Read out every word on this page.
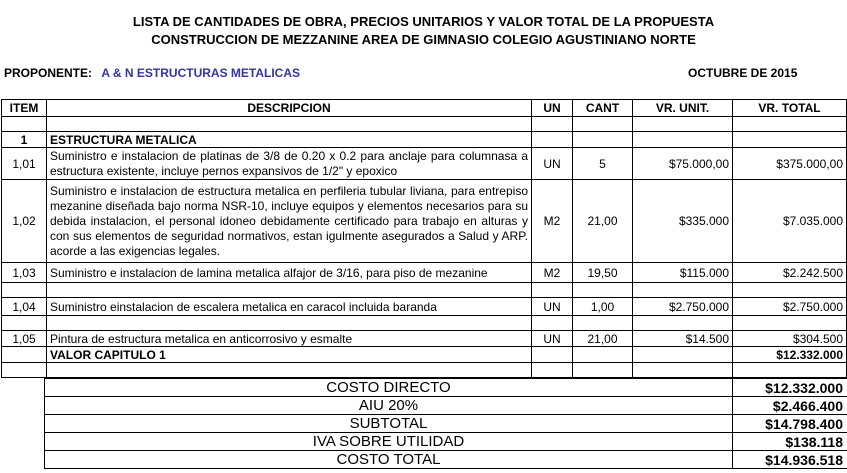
LISTA DE CANTIDADES DE OBRA, PRECIOS UNITARIOS Y VALOR TOTAL DE LA PROPUESTA
CONSTRUCCION DE MEZZANINE AREA DE GIMNASIO COLEGIO AGUSTINIANO NORTE
PROPONENTE: A & N ESTRUCTURAS METALICAS	OCTUBRE DE 2015
ITEM	DESCRIPCION	UN	CANT	VR. UNIT.	VR. TOTAL

1	ESTRUCTURA METALICA				
1,01	Suministro e instalacion de platinas de 3/8 de 0.20 x 0.2 para anclaje para columnasa a estructura existente, incluye pernos expansivos de 1/2" y epoxico	UN	5	$75.000,00	$375.000,00
1,02	Suministro e instalacion de estructura metalica en perfileria tubular liviana, para entrepiso mezanine diseñada bajo norma NSR-10, incluye equipos y elementos necesarios para su debida instalacion, el personal idoneo debidamente certificado para trabajo en alturas y con sus elementos de seguridad normativos, estan igulmente asegurados a Salud y ARP. acorde a las exigencias legales.	M2	21,00	$335.000	$7.035.000
1,03	Suministro e instalacion de lamina metalica alfajor de 3/16, para piso de mezanine	M2	19,50	$115.000	$2.242.500

1,04	Suministro einstalacion de escalera metalica en caracol incluida baranda	UN	1,00	$2.750.000	$2.750.000

1,05	Pintura de estructura metalica en anticorrosivo y esmalte	UN	21,00	$14.500	$304.500
	VALOR CAPITULO 1				$12.332.000

COSTO DIRECTO	$12.332.000
AIU 20%	$2.466.400
SUBTOTAL	$14.798.400
IVA SOBRE UTILIDAD	$138.118
COSTO TOTAL	$14.936.518
